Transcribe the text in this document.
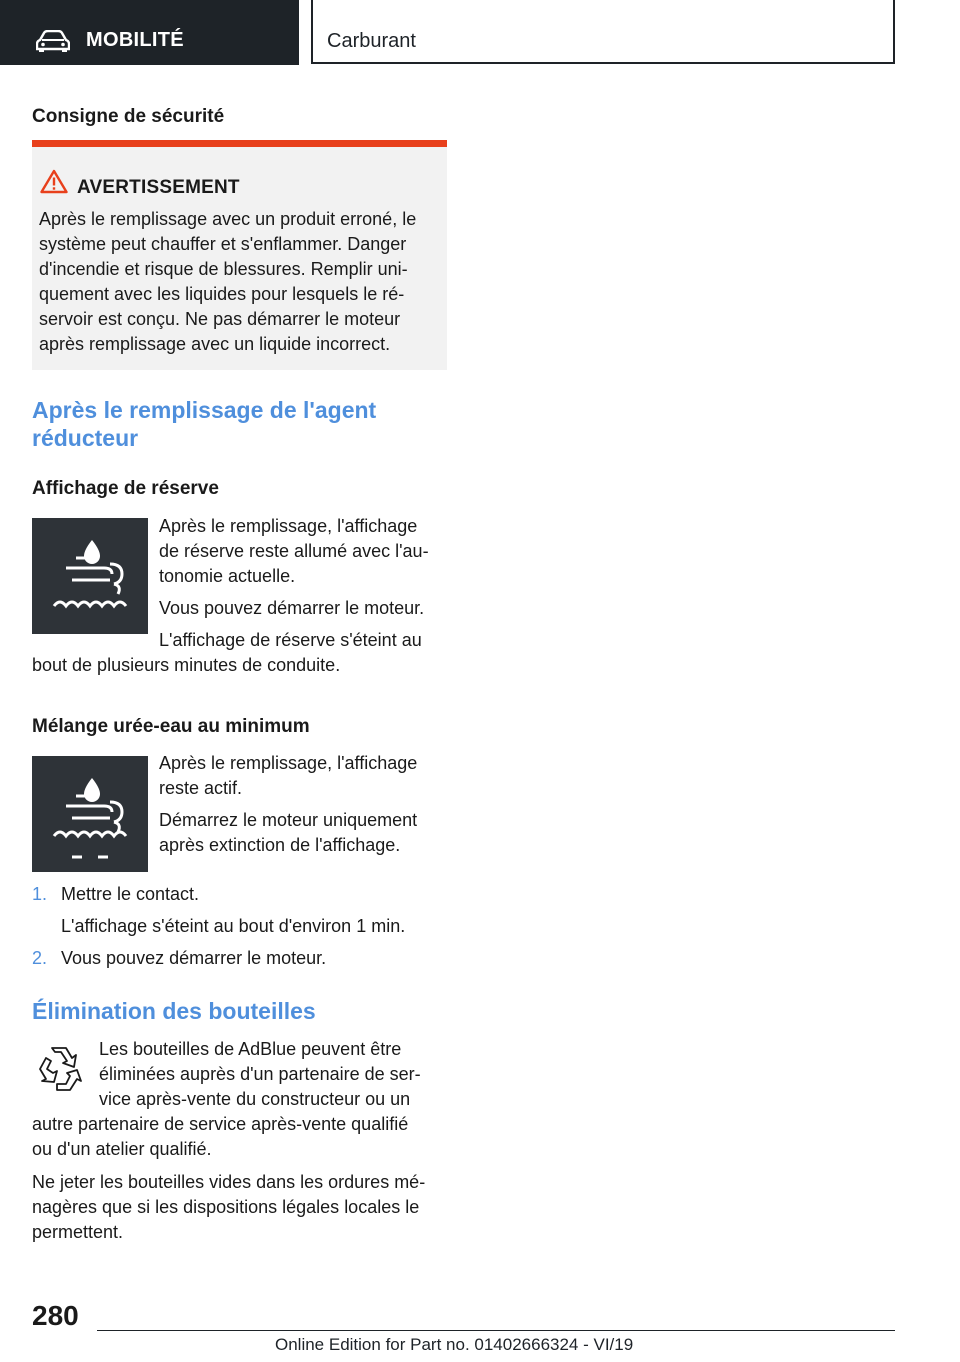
MOBILITÉ	Carburant
Consigne de sécurité
AVERTISSEMENT
Après le remplissage avec un produit erroné, le
système peut chauffer et s'enflammer. Danger
d'incendie et risque de blessures. Remplir uni-
quement avec les liquides pour lesquels le ré-
servoir est conçu. Ne pas démarrer le moteur
après remplissage avec un liquide incorrect.
Après le remplissage de l'agent
réducteur
Affichage de réserve
Après le remplissage, l'affichage
de réserve reste allumé avec l'au-
tonomie actuelle.
Vous pouvez démarrer le moteur.
L'affichage de réserve s'éteint au
bout de plusieurs minutes de conduite.
Mélange urée-eau au minimum
Après le remplissage, l'affichage
reste actif.
Démarrez le moteur uniquement
après extinction de l'affichage.
1. Mettre le contact.
L'affichage s'éteint au bout d'environ 1 min.
2. Vous pouvez démarrer le moteur.
Élimination des bouteilles
Les bouteilles de AdBlue peuvent être
éliminées auprès d'un partenaire de ser-
vice après-vente du constructeur ou un
autre partenaire de service après-vente qualifié
ou d'un atelier qualifié.
Ne jeter les bouteilles vides dans les ordures mé-
nagères que si les dispositions légales locales le
permettent.
280
Online Edition for Part no. 01402666324 - VI/19
